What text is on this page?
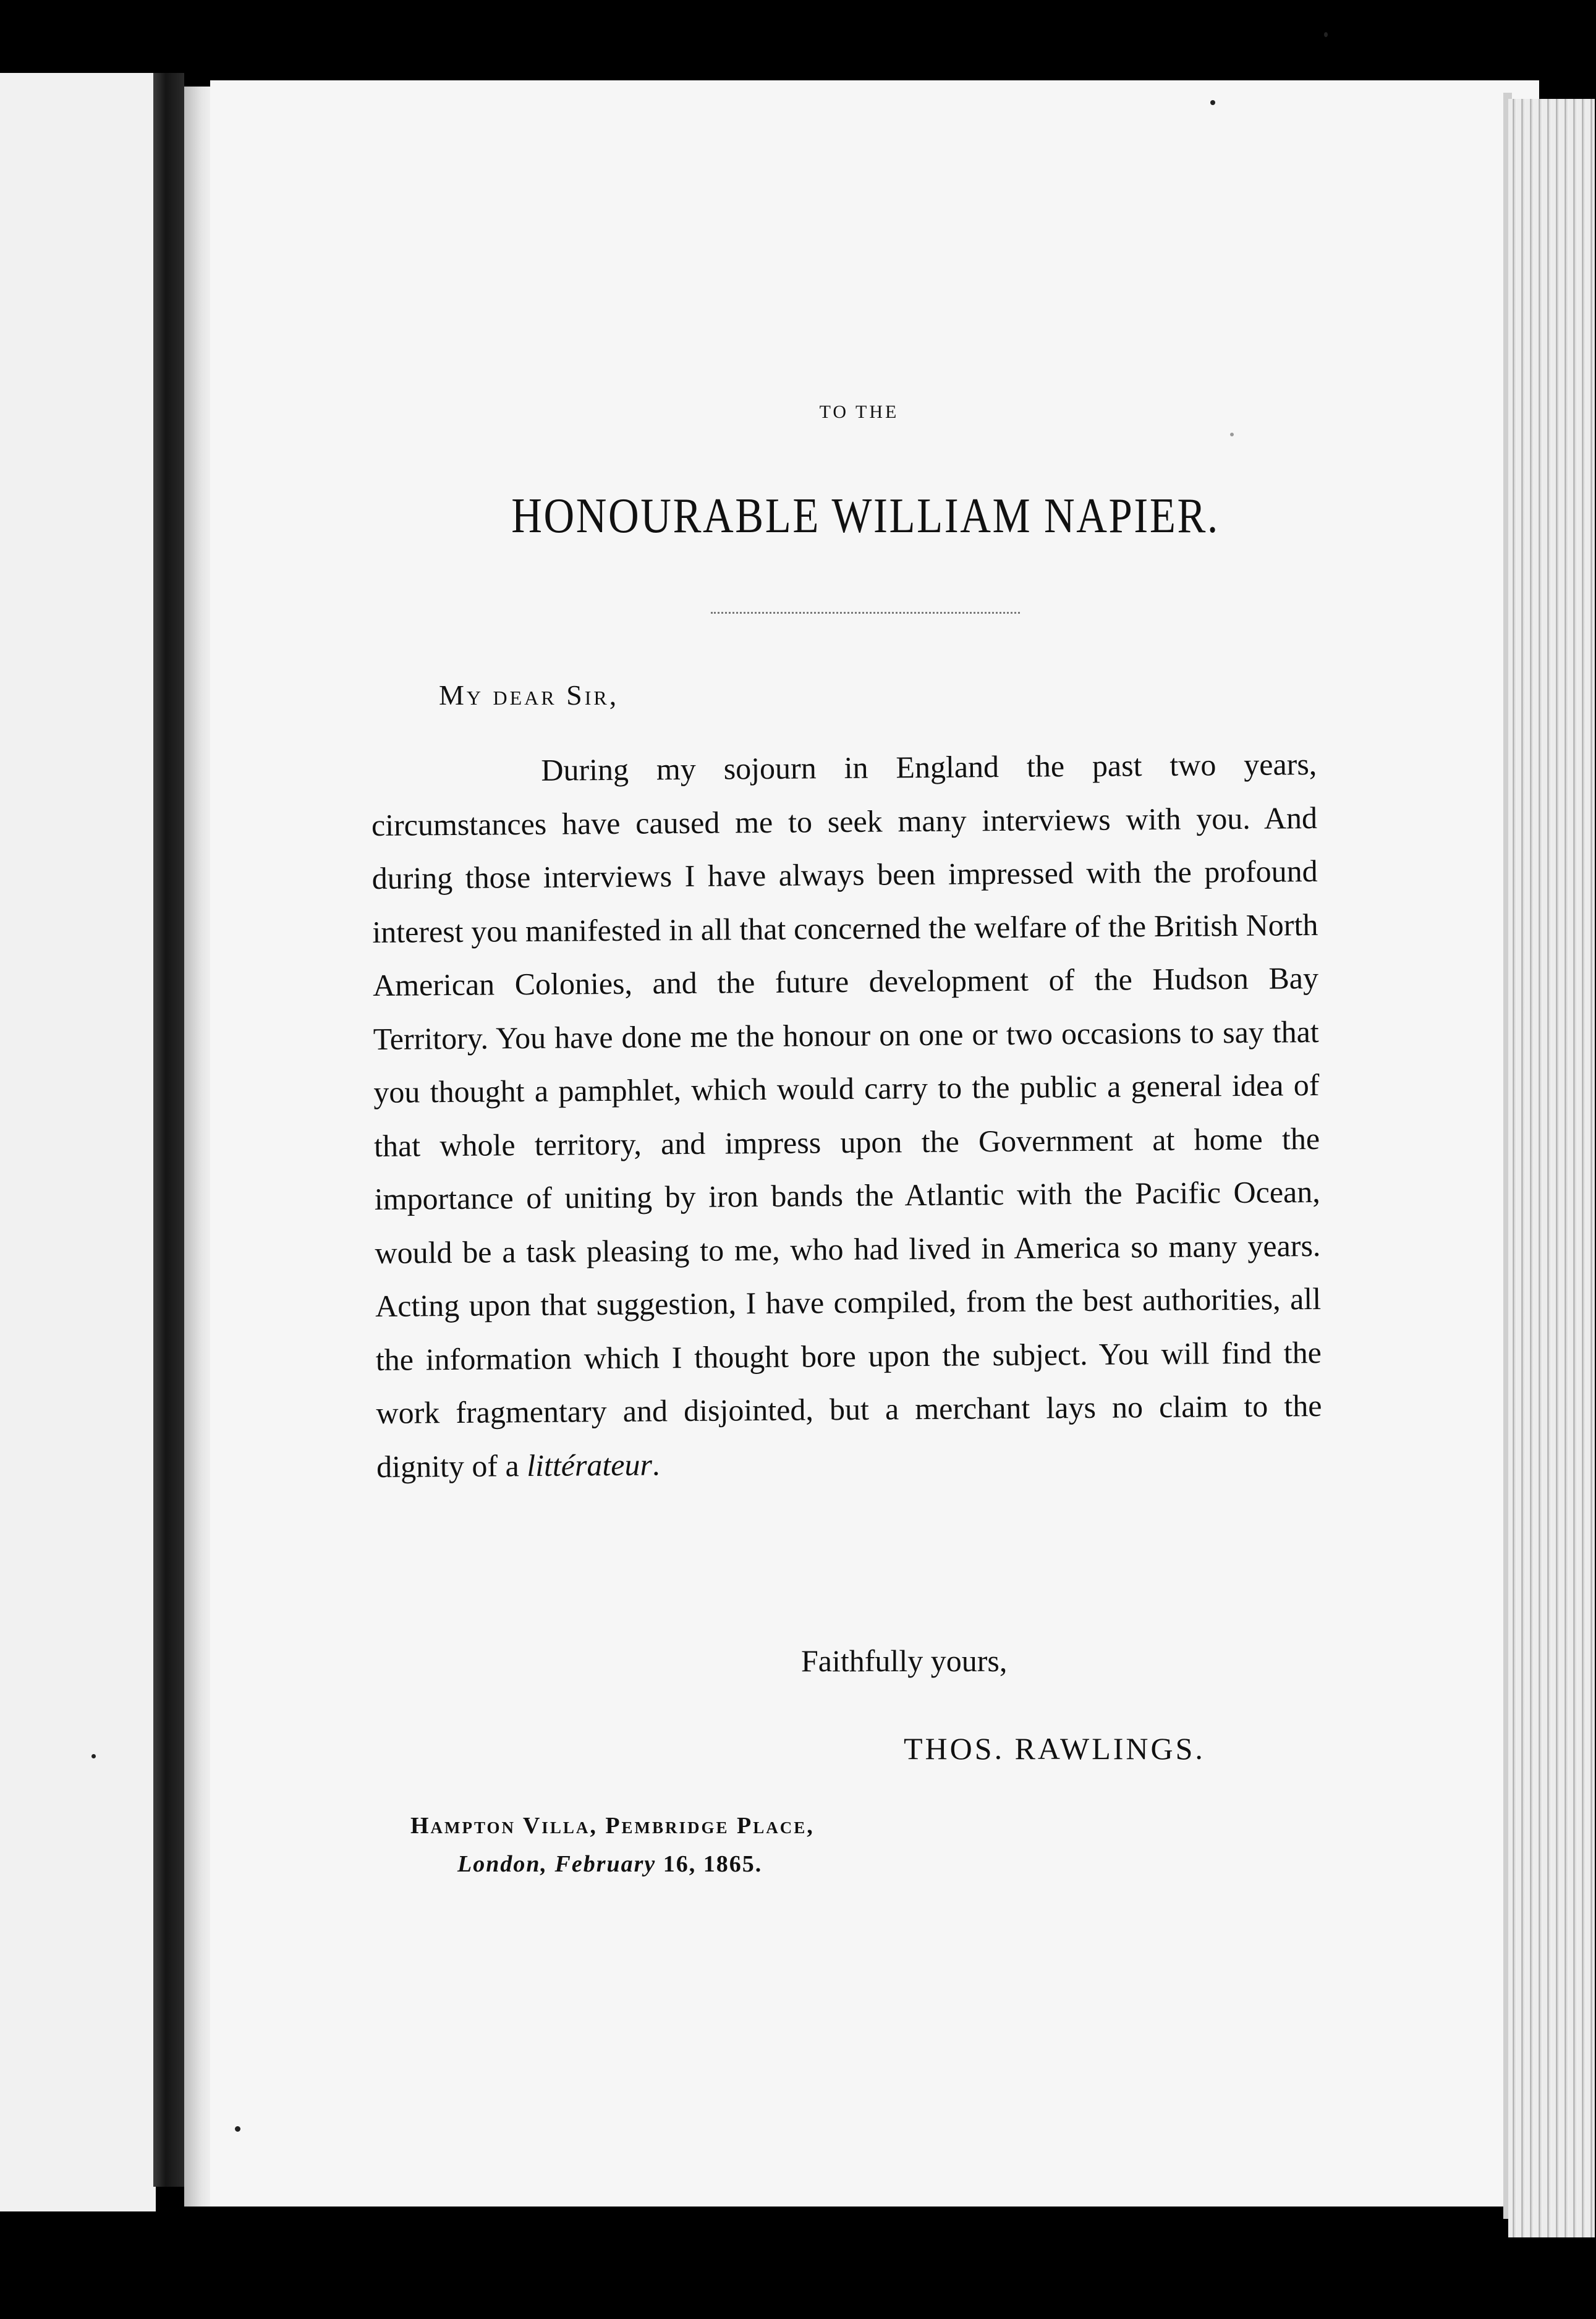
TO THE
HONOURABLE WILLIAM NAPIER.
My dear Sir,

During my sojourn in England the past two years, circumstances have caused me to seek many interviews with you. And during those interviews I have always been impressed with the profound interest you manifested in all that concerned the welfare of the British North American Colonies, and the future development of the Hudson Bay Territory. You have done me the honour on one or two occasions to say that you thought a pamphlet, which would carry to the public a general idea of that whole territory, and impress upon the Government at home the importance of uniting by iron bands the Atlantic with the Pacific Ocean, would be a task pleasing to me, who had lived in America so many years. Acting upon that suggestion, I have compiled, from the best authorities, all the information which I thought bore upon the subject. You will find the work fragmentary and disjointed, but a merchant lays no claim to the dignity of a littérateur.

Faithfully yours,
THOS. RAWLINGS.
Hampton Villa, Pembridge Place,
London, February 16, 1865.
